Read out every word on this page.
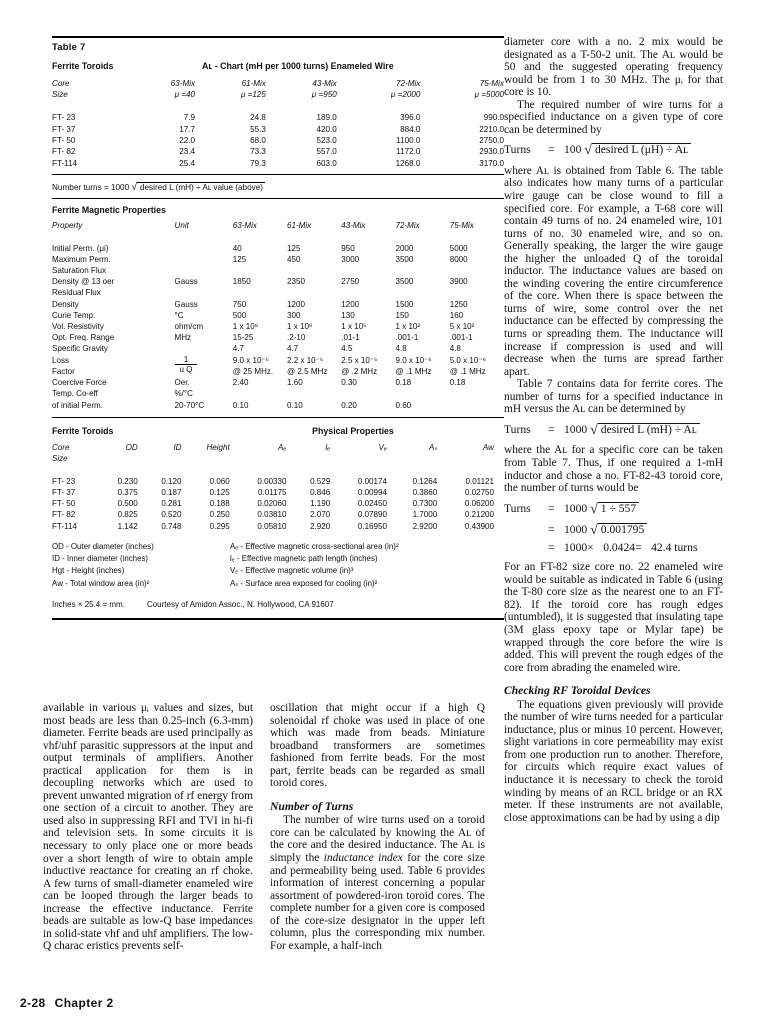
Table 7
Ferrite Toroids	Aʟ - Chart (mH per 1000 turns) Enameled Wire
Core	63-Mix	61-Mix	43-Mix	72-Mix	75-Mix
Size	μ =40	μ =125	μ =950	μ =2000	μ =5000

FT- 23	7.9	24.8	189.0	396.0	990.0
FT- 37	17.7	55.3	420.0	884.0	2210.0
FT- 50	22.0	68.0	523.0	1100.0	2750.0
FT- 82	23.4	73.3	557.0	1172.0	2930.0
FT-114	25.4	79.3	603.0	1268.0	3170.0
Number turns = 1000 √ desired L (mH) ÷ Aʟ value (above)
Ferrite Magnetic Properties
Property	Unit	63-Mix	61-Mix	43-Mix	72-Mix	75-Mix

Initial Perm. (μi)		40	125	950	2000	5000
Maximum Perm.		125	450	3000	3500	8000
Saturation Flux						
Density @ 13 oer	Gauss	1850	2350	2750	3500	3900
Residual Flux						
Density	Gauss	750	1200	1200	1500	1250
Curie Temp.	°C	500	300	130	150	160
Vol. Resistivity	ohm/cm	1 x 10⁸	1 x 10⁸	1 x 10⁵	1 x 10²	5 x 10²
Opt. Freq. Range	MHz	15-25	.2-10	.01-1	.001-1	.001-1
Specific Gravity		4.7	4.7	4.5	4.8	4.8
Loss	$\frac{1}{\text{u Q}}$	9.0 x 10⁻⁵	2.2 x 10⁻⁵	2.5 x 10⁻⁵	9.0 x 10⁻⁶	5.0 x 10⁻⁶
Factor		@ 25 MHz.	@ 2.5 MHz	@ .2 MHz	@ .1 MHz	@ .1 MHz
Coercive Force	Oer.	2.40	1.60	0.30	0.18	0.18
Temp. Co-eff	%/°C					
of initial Perm.	20-70°C	0.10	0.10	0.20	0.60	
Ferrite Toroids	Physical Properties
Core	OD	ID	Height	Aₑ	lₑ	Vₑ	Aₛ	Aᴡ
Size								

FT- 23	0.230	0.120	0.060	0.00330	0.529	0.00174	0.1264	0.01121
FT- 37	0.375	0.187	0.125	0.01175	0.846	0.00994	0.3860	0.02750
FT- 50	0.500	0.281	0.188	0.02060	1.190	0.02450	0.7300	0.06200
FT- 82	0.825	0.520	0.250	0.03810	2.070	0.07890	1.7000	0.21200
FT-114	1.142	0.748	0.295	0.05810	2.920	0.16950	2.9200	0.43900
OD - Outer diameter (inches)
ID - Inner diameter (inches)
Hgt - Height (inches)
Aᴡ - Total window area (in)²
Aₑ - Effective magnetic cross-sectional area (in)²
lₑ - Effective magnetic path length (inches)
Vₑ - Effective magnetic volume (in)³
Aₛ - Surface area exposed for cooling (in)²
Inches × 25.4 = mm.	Courtesy of Amidon Assoc., N. Hollywood, CA 91607

diameter core with a no. 2 mix would be designated as a T-50-2 unit. The Aʟ would be 50 and the suggested operating frequency would be from 1 to 30 MHz. The μᵢ for that core is 10.

The required number of wire turns for a specified inductance on a given type of core can be determined by

Turns = 100 √ desired L (μH) ÷ Aʟ

where Aʟ is obtained from Table 6. The table also indicates how many turns of a particular wire gauge can be close wound to fill a specified core. For example, a T-68 core will contain 49 turns of no. 24 enameled wire, 101 turns of no. 30 enameled wire, and so on. Generally speaking, the larger the wire gauge the higher the unloaded Q of the toroidal inductor. The inductance values are based on the winding covering the entire circumference of the core. When there is space between the turns of wire, some control over the net inductance can be effected by compressing the turns or spreading them. The inductance will increase if compression is used and will decrease when the turns are spread farther apart.

Table 7 contains data for ferrite cores. The number of turns for a specified inductance in mH versus the Aʟ can be determined by

Turns = 1000 √ desired L (mH) ÷ Aʟ

where the Aʟ for a specific core can be taken from Table 7. Thus, if one required a 1-mH inductor and chose a no. FT-82-43 toroid core, the number of turns would be

Turns = 1000 √ 1 ÷ 557
= 1000 √ 0.001795
= 1000× 0.0424= 42.4 turns

For an FT-82 size core no. 22 enameled wire would be suitable as indicated in Table 6 (using the T-80 core size as the nearest one to an FT-82). If the toroid core has rough edges (untumbled), it is suggested that insulating tape (3M glass epoxy tape or Mylar tape) be wrapped through the core before the wire is added. This will prevent the rough edges of the core from abrading the enameled wire.

Checking RF Toroidal Devices

The equations given previously will provide the number of wire turns needed for a particular inductance, plus or minus 10 percent. However, slight variations in core permeability may exist from one production run to another. Therefore, for circuits which require exact values of inductance it is necessary to check the toroid winding by means of an RCL bridge or an RX meter. If these instruments are not available, close approximations can be had by using a dip

available in various μᵢ values and sizes, but most beads are less than 0.25-inch (6.3-mm) diameter. Ferrite beads are used principally as vhf/uhf parasitic suppressors at the input and output terminals of amplifiers. Another practical application for them is in decoupling networks which are used to prevent unwanted migration of rf energy from one section of a circuit to another. They are used also in suppressing RFI and TVI in hi-fi and television sets. In some circuits it is necessary to only place one or more beads over a short length of wire to obtain ample inductive reactance for creating an rf choke. A few turns of small-diameter enameled wire can be looped through the larger beads to increase the effective inductance. Ferrite beads are suitable as low-Q base impedances in solid-state vhf and uhf amplifiers. The low-Q charac eristics prevents self-

oscillation that might occur if a high Q solenoidal rf choke was used in place of one which was made from beads. Miniature broadband transformers are sometimes fashioned from ferrite beads. For the most part, ferrite beads can be regarded as small toroid cores.

Number of Turns

The number of wire turns used on a toroid core can be calculated by knowing the Aʟ of the core and the desired inductance. The Aʟ is simply the inductance index for the core size and permeability being used. Table 6 provides information of interest concerning a popular assortment of powdered-iron toroid cores. The complete number for a given core is composed of the core-size designator in the upper left column, plus the corresponding mix number. For example, a half-inch

2-28 Chapter 2
